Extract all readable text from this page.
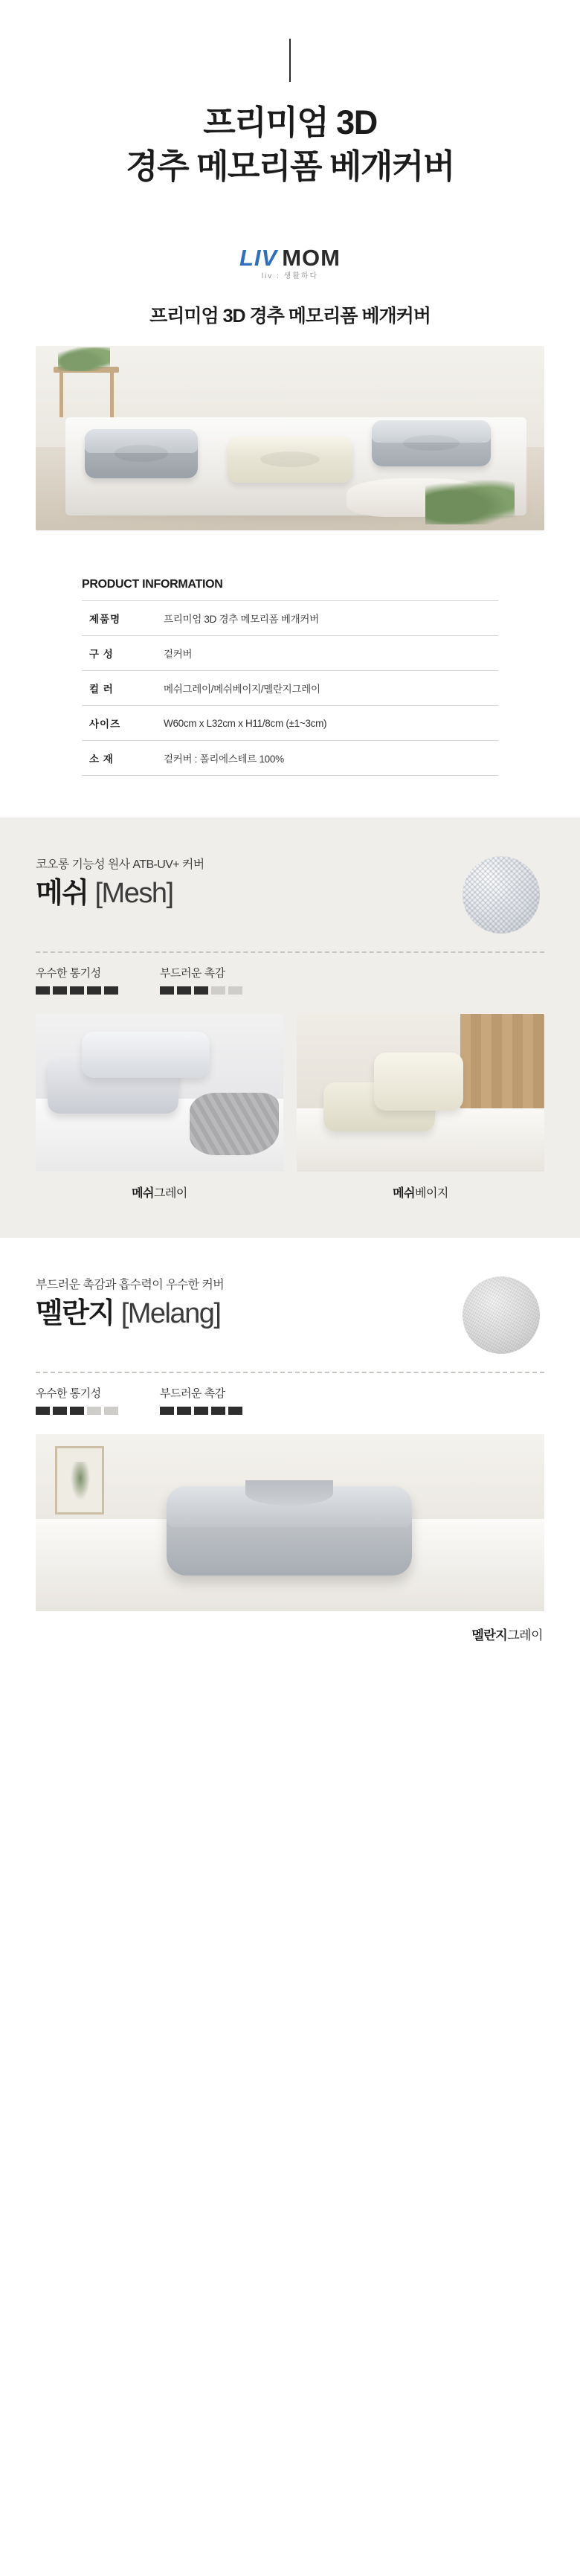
프리미엄 3D
경추 메모리폼 베개커버
LIV MOM
liv : 생활하다
프리미엄 3D 경추 메모리폼 베개커버
PRODUCT INFORMATION
제품명	프리미엄 3D 경추 메모리폼 베개커버
구 성	겉커버
컬 러	메쉬그레이/메쉬베이지/멜란지그레이
사이즈	W60cm x L32cm x H11/8cm (±1~3cm)
소 재	겉커버 : 폴리에스테르 100%
코오롱 기능성 원사 ATB-UV+ 커버
메쉬 [Mesh]
우수한 통기성	부드러운 촉감
메쉬그레이	메쉬베이지
부드러운 촉감과 흡수력이 우수한 커버
멜란지 [Melang]
우수한 통기성	부드러운 촉감
멜란지그레이
